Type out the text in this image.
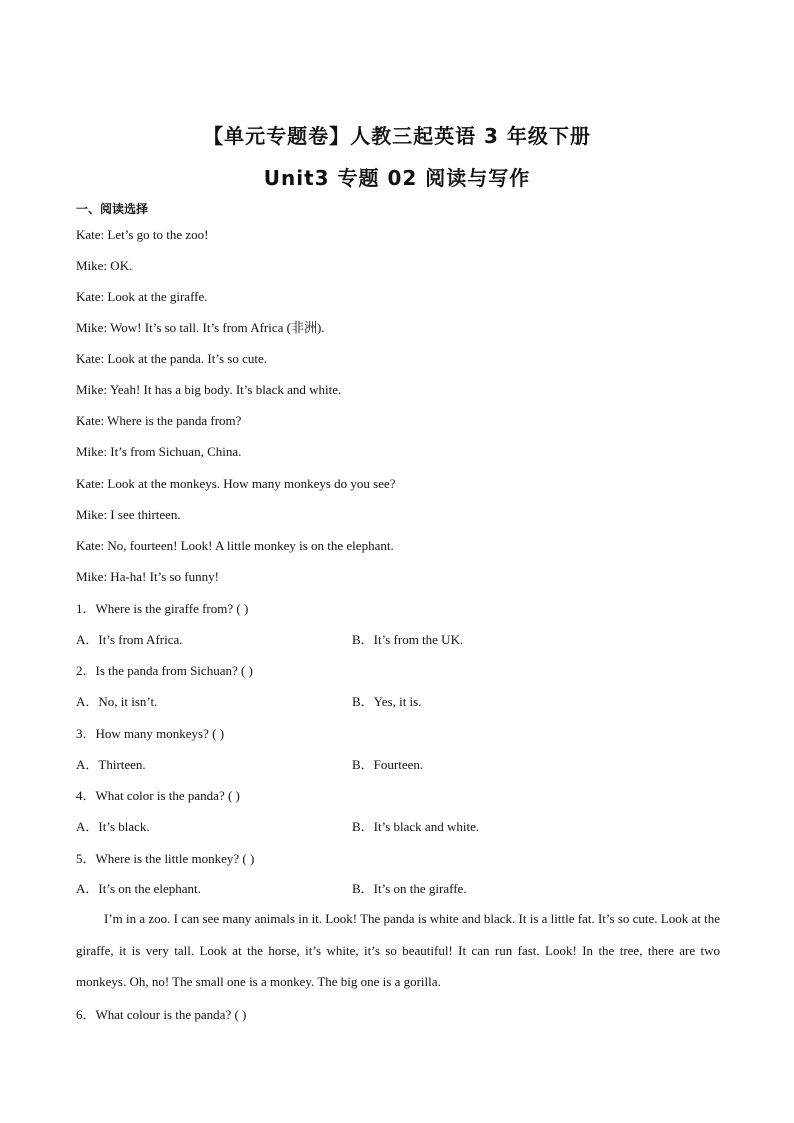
【单元专题卷】人教三起英语 3 年级下册
Unit3 专题 02 阅读与写作
一、阅读选择
Kate: Let’s go to the zoo!
Mike: OK.
Kate: Look at the giraffe.
Mike: Wow! It’s so tall. It’s from Africa (非洲).
Kate: Look at the panda. It’s so cute.
Mike: Yeah! It has a big body. It’s black and white.
Kate: Where is the panda from?
Mike: It’s from Sichuan, China.
Kate: Look at the monkeys. How many monkeys do you see?
Mike: I see thirteen.
Kate: No, fourteen! Look! A little monkey is on the elephant.
Mike: Ha-ha! It’s so funny!
1．Where is the giraffe from? ( )
A．It’s from Africa.	B．It’s from the UK.
2．Is the panda from Sichuan? ( )
A．No, it isn’t.	B．Yes, it is.
3．How many monkeys? ( )
A．Thirteen.	B．Fourteen.
4．What color is the panda? ( )
A．It’s black.	B．It’s black and white.
5．Where is the little monkey? ( )
A．It’s on the elephant.	B．It’s on the giraffe.
I’m in a zoo. I can see many animals in it. Look! The panda is white and black. It is a little fat. It’s so cute. Look at the giraffe, it is very tall. Look at the horse, it’s white, it’s so beautiful! It can run fast. Look! In the tree, there are two monkeys. Oh, no! The small one is a monkey. The big one is a gorilla.
6．What colour is the panda? ( )
